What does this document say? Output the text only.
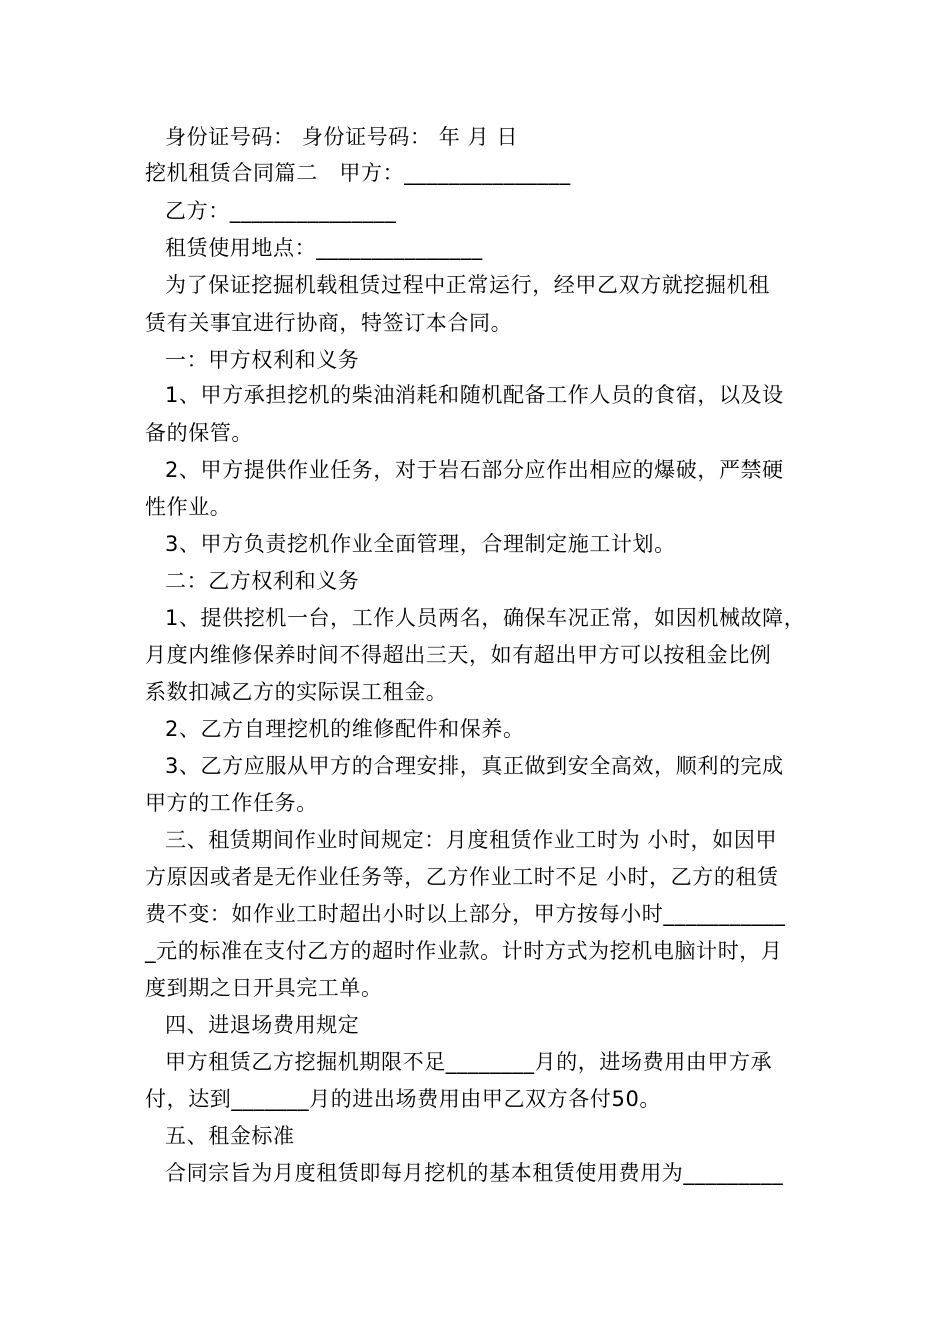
身份证号码： 身份证号码： 年 月 日
挖机租赁合同篇二　甲方：_______________
乙方：_______________
租赁使用地点：_______________
为了保证挖掘机载租赁过程中正常运行，经甲乙双方就挖掘机租
赁有关事宜进行协商，特签订本合同。
一：甲方权利和义务
1、甲方承担挖机的柴油消耗和随机配备工作人员的食宿，以及设
备的保管。
2、甲方提供作业任务，对于岩石部分应作出相应的爆破，严禁硬
性作业。
3、甲方负责挖机作业全面管理，合理制定施工计划。
二：乙方权利和义务
1、提供挖机一台，工作人员两名，确保车况正常，如因机械故障，
月度内维修保养时间不得超出三天，如有超出甲方可以按租金比例
系数扣减乙方的实际误工租金。
2、乙方自理挖机的维修配件和保养。
3、乙方应服从甲方的合理安排，真正做到安全高效，顺利的完成
甲方的工作任务。
三、租赁期间作业时间规定：月度租赁作业工时为 小时，如因甲
方原因或者是无作业任务等，乙方作业工时不足 小时，乙方的租赁
费不变：如作业工时超出小时以上部分，甲方按每小时___________
_元的标准在支付乙方的超时作业款。计时方式为挖机电脑计时，月
度到期之日开具完工单。
四、进退场费用规定
甲方租赁乙方挖掘机期限不足________月的，进场费用由甲方承
付，达到_______月的进出场费用由甲乙双方各付50。
五、租金标准
合同宗旨为月度租赁即每月挖机的基本租赁使用费用为_________
